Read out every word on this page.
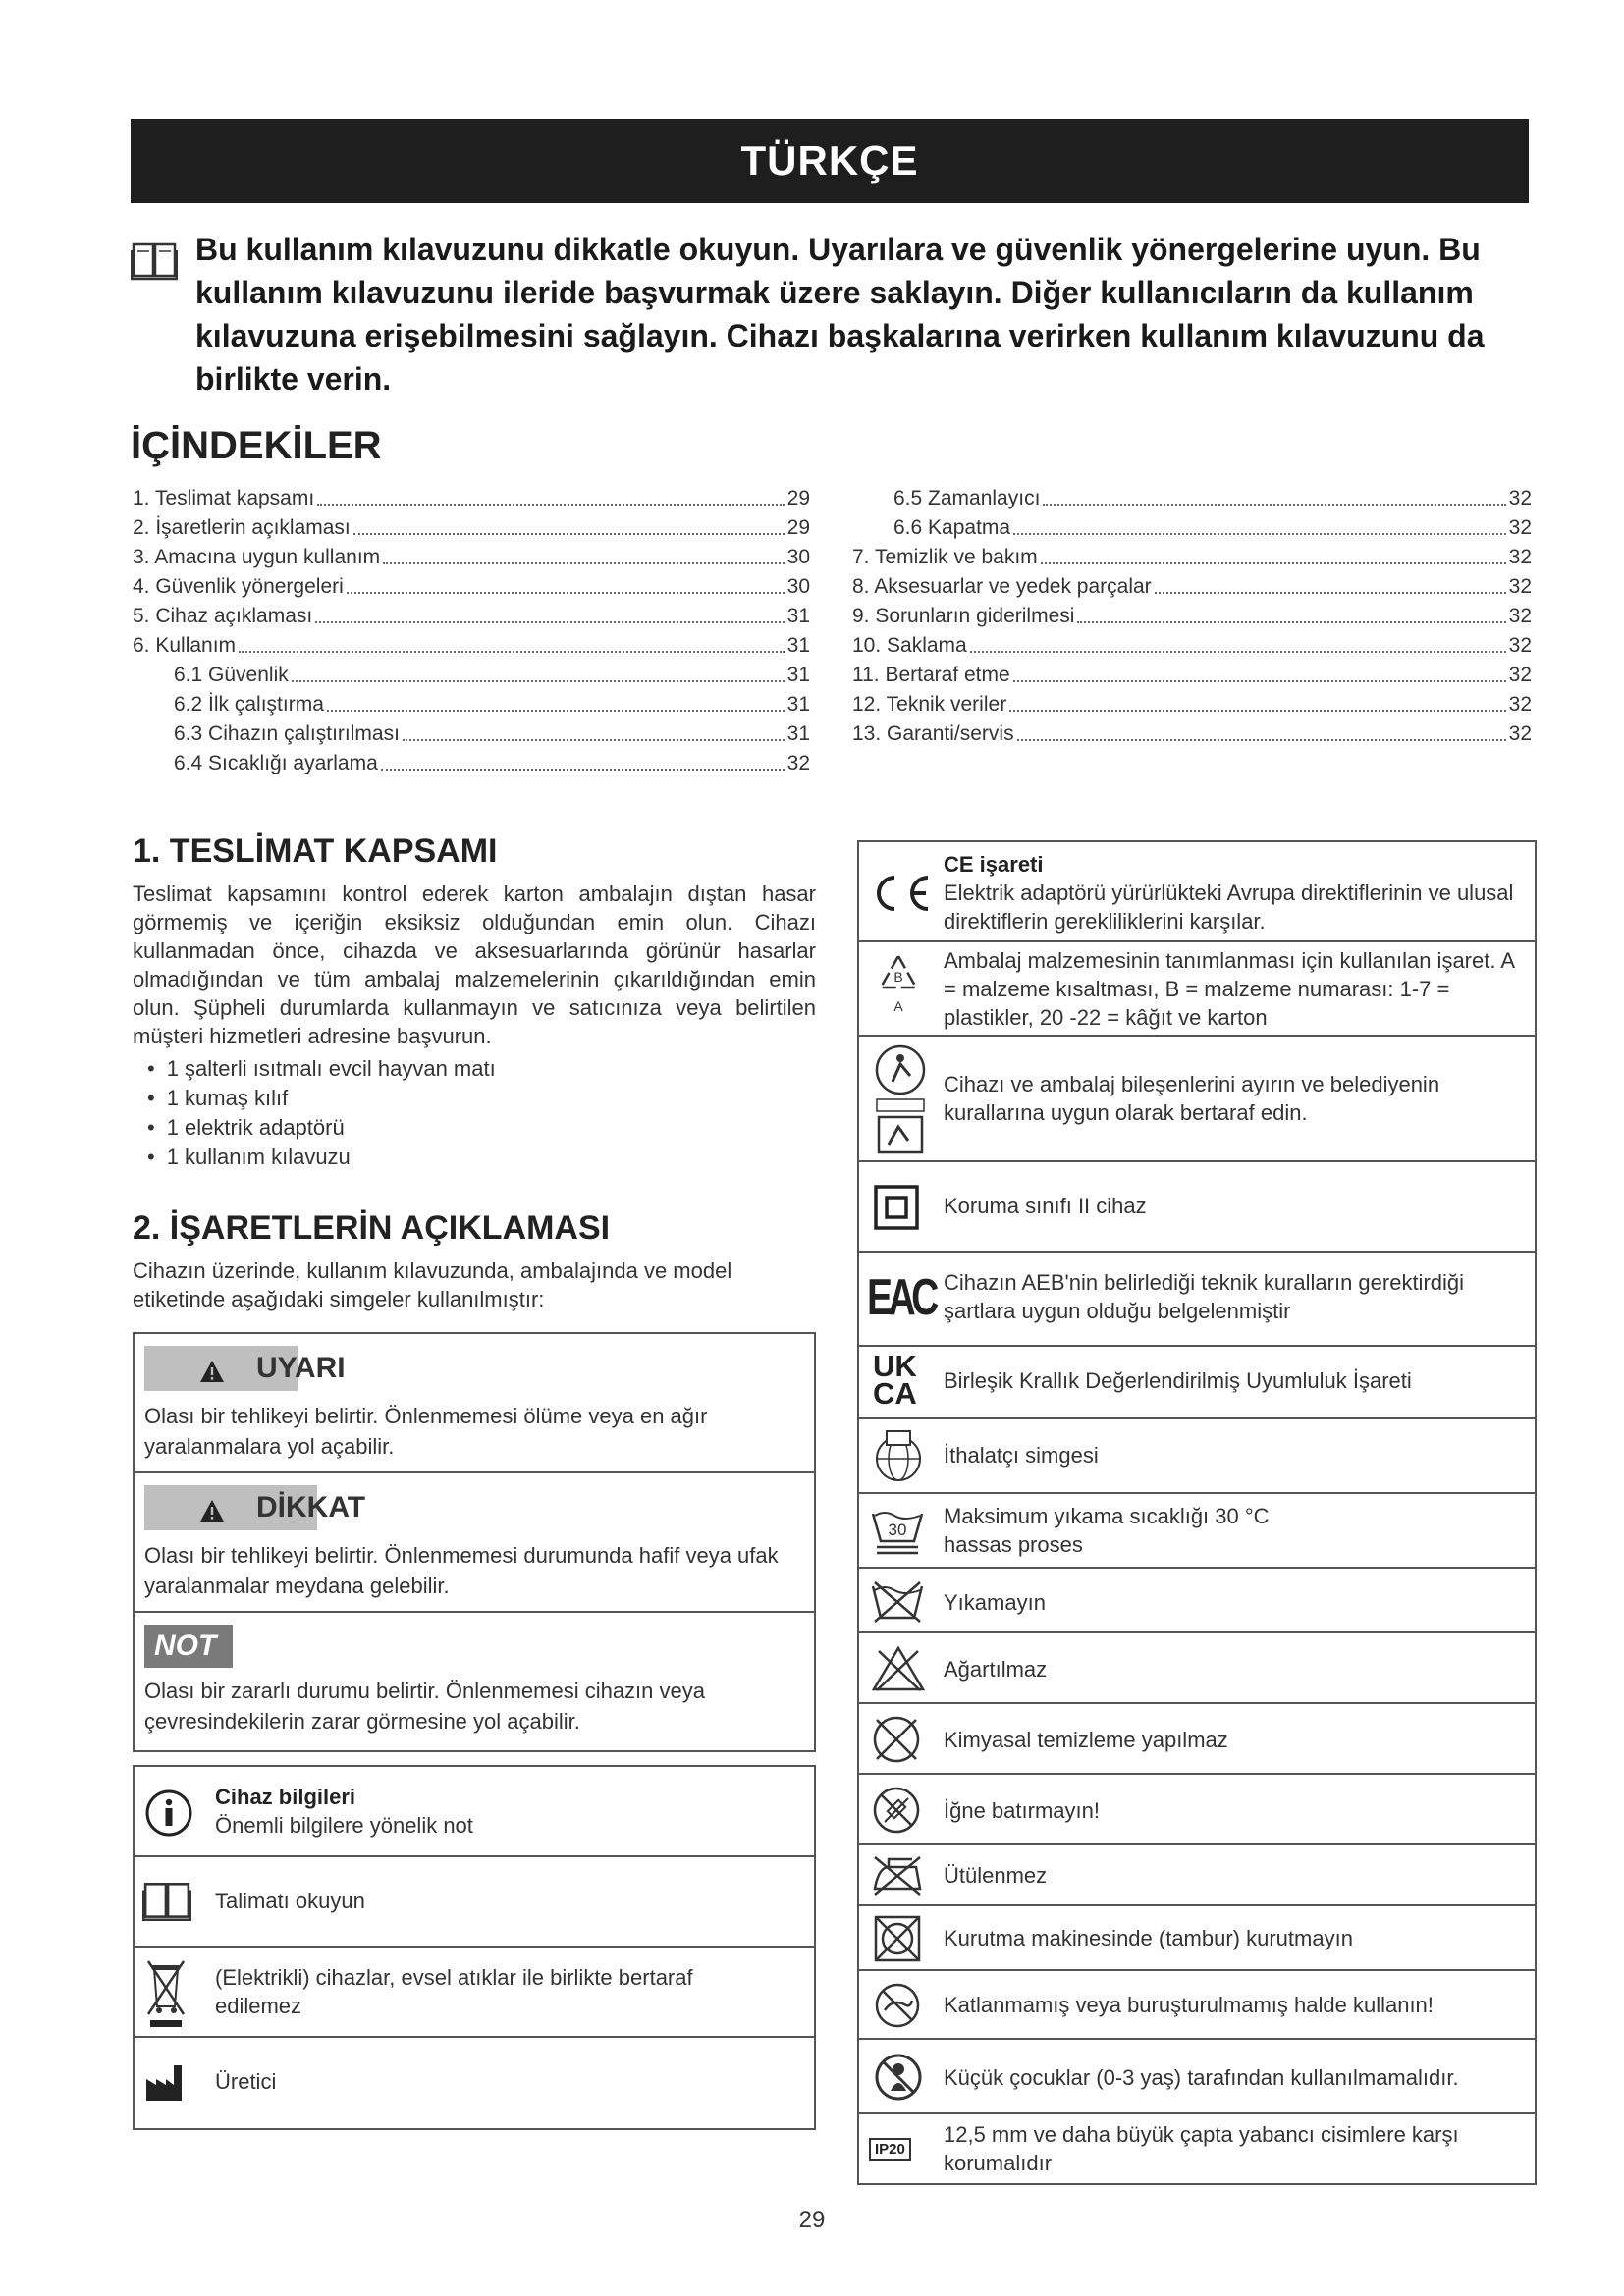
TÜRKÇE

Bu kullanım kılavuzunu dikkatle okuyun. Uyarılara ve güvenlik yönergelerine uyun. Bu kullanım kılavuzunu ileride başvurmak üzere saklayın. Diğer kullanıcıların da kullanım kılavuzuna erişebilmesini sağlayın. Cihazı başkalarına verirken kullanım kılavuzunu da birlikte verin.

İÇİNDEKİLER
1. Teslimat kapsamı	29
2. İşaretlerin açıklaması	29
3. Amacına uygun kullanım	30
4. Güvenlik yönergeleri	30
5. Cihaz açıklaması	31
6. Kullanım	31
6.1 Güvenlik	31
6.2 İlk çalıştırma	31
6.3 Cihazın çalıştırılması	31
6.4 Sıcaklığı ayarlama	32
6.5 Zamanlayıcı	32
6.6 Kapatma	32
7. Temizlik ve bakım	32
8. Aksesuarlar ve yedek parçalar	32
9. Sorunların giderilmesi	32
10. Saklama	32
11. Bertaraf etme	32
12. Teknik veriler	32
13. Garanti/servis	32
1. TESLİMAT KAPSAMI
Teslimat kapsamını kontrol ederek karton ambalajın dıştan hasar görmemiş ve içeriğin eksiksiz olduğundan emin olun. Cihazı kullanmadan önce, cihazda ve aksesuarlarında görünür hasarlar olmadığından ve tüm ambalaj malzemelerinin çıkarıldığından emin olun. Şüpheli durumlarda kullanmayın ve satıcınıza veya belirtilen müşteri hizmetleri adresine başvurun.
• 1 şalterli ısıtmalı evcil hayvan matı
• 1 kumaş kılıf
• 1 elektrik adaptörü
• 1 kullanım kılavuzu
2. İŞARETLERİN AÇIKLAMASI
Cihazın üzerinde, kullanım kılavuzunda, ambalajında ve model etiketinde aşağıdaki simgeler kullanılmıştır:
UYARI
Olası bir tehlikeyi belirtir. Önlenmemesi ölüme veya en ağır yaralanmalara yol açabilir.
DİKKAT
Olası bir tehlikeyi belirtir. Önlenmemesi durumunda hafif veya ufak yaralanmalar meydana gelebilir.
NOT
Olası bir zararlı durumu belirtir. Önlenmemesi cihazın veya çevresindekilerin zarar görmesine yol açabilir.
Cihaz bilgileri
Önemli bilgilere yönelik not
Talimatı okuyun
(Elektrikli) cihazlar, evsel atıklar ile birlikte bertaraf edilemez
Üretici
CE işareti
Elektrik adaptörü yürürlükteki Avrupa direktiflerinin ve ulusal direktiflerin gerekliliklerini karşılar.
B
A
Ambalaj malzemesinin tanımlanması için kullanılan işaret. A = malzeme kısaltması, B = malzeme numarası: 1-7 = plastikler, 20 -22 = kâğıt ve karton
Cihazı ve ambalaj bileşenlerini ayırın ve belediyenin kurallarına uygun olarak bertaraf edin.
Koruma sınıfı II cihaz
EAC Cihazın AEB'nin belirlediği teknik kuralların gerektirdiği şartlara uygun olduğu belgelenmiştir
UK
CA Birleşik Krallık Değerlendirilmiş Uyumluluk İşareti
İthalatçı simgesi
30
Maksimum yıkama sıcaklığı 30 °C hassas proses
Yıkamayın
Ağartılmaz
Kimyasal temizleme yapılmaz
İğne batırmayın!
Ütülenmez
Kurutma makinesinde (tambur) kurutmayın
Katlanmamış veya buruşturulmamış halde kullanın!
Küçük çocuklar (0-3 yaş) tarafından kullanılmamalıdır.
IP20
12,5 mm ve daha büyük çapta yabancı cisimlere karşı korumalıdır
29
